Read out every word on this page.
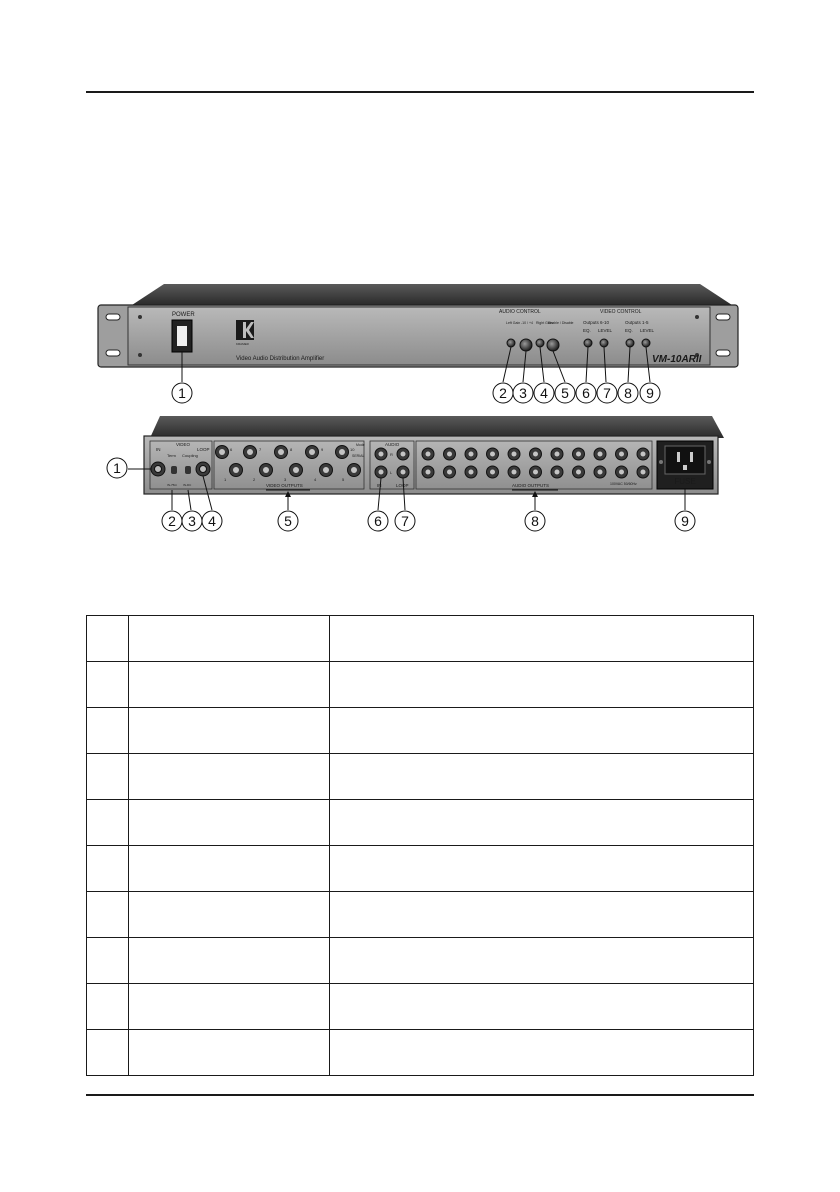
POWER
KRAMER
Video Audio Distribution Amplifier
AUDIO CONTROL	VIDEO CONTROL
Outputs 6-10	Outputs 1-5
EQ. LEVEL	EQ. LEVEL
Left Gain	Right Gain
-10 / +4	Enable / Disable
VM-10ARII
1	2 3 4 5 6 7 8 9
VIDEO
IN	LOOP
Term Coupling
IN-75Ω IN-DC
6	7	8	9	10
1	2	3	4	5
Mode
SERIAL
VIDEO OUTPUTS
AUDIO
R
L
IN	LOOP	AUDIO OUTPUTS	100VAC 50/60Hz	FUSE
1
2 3 4	5	6 7	8	9
